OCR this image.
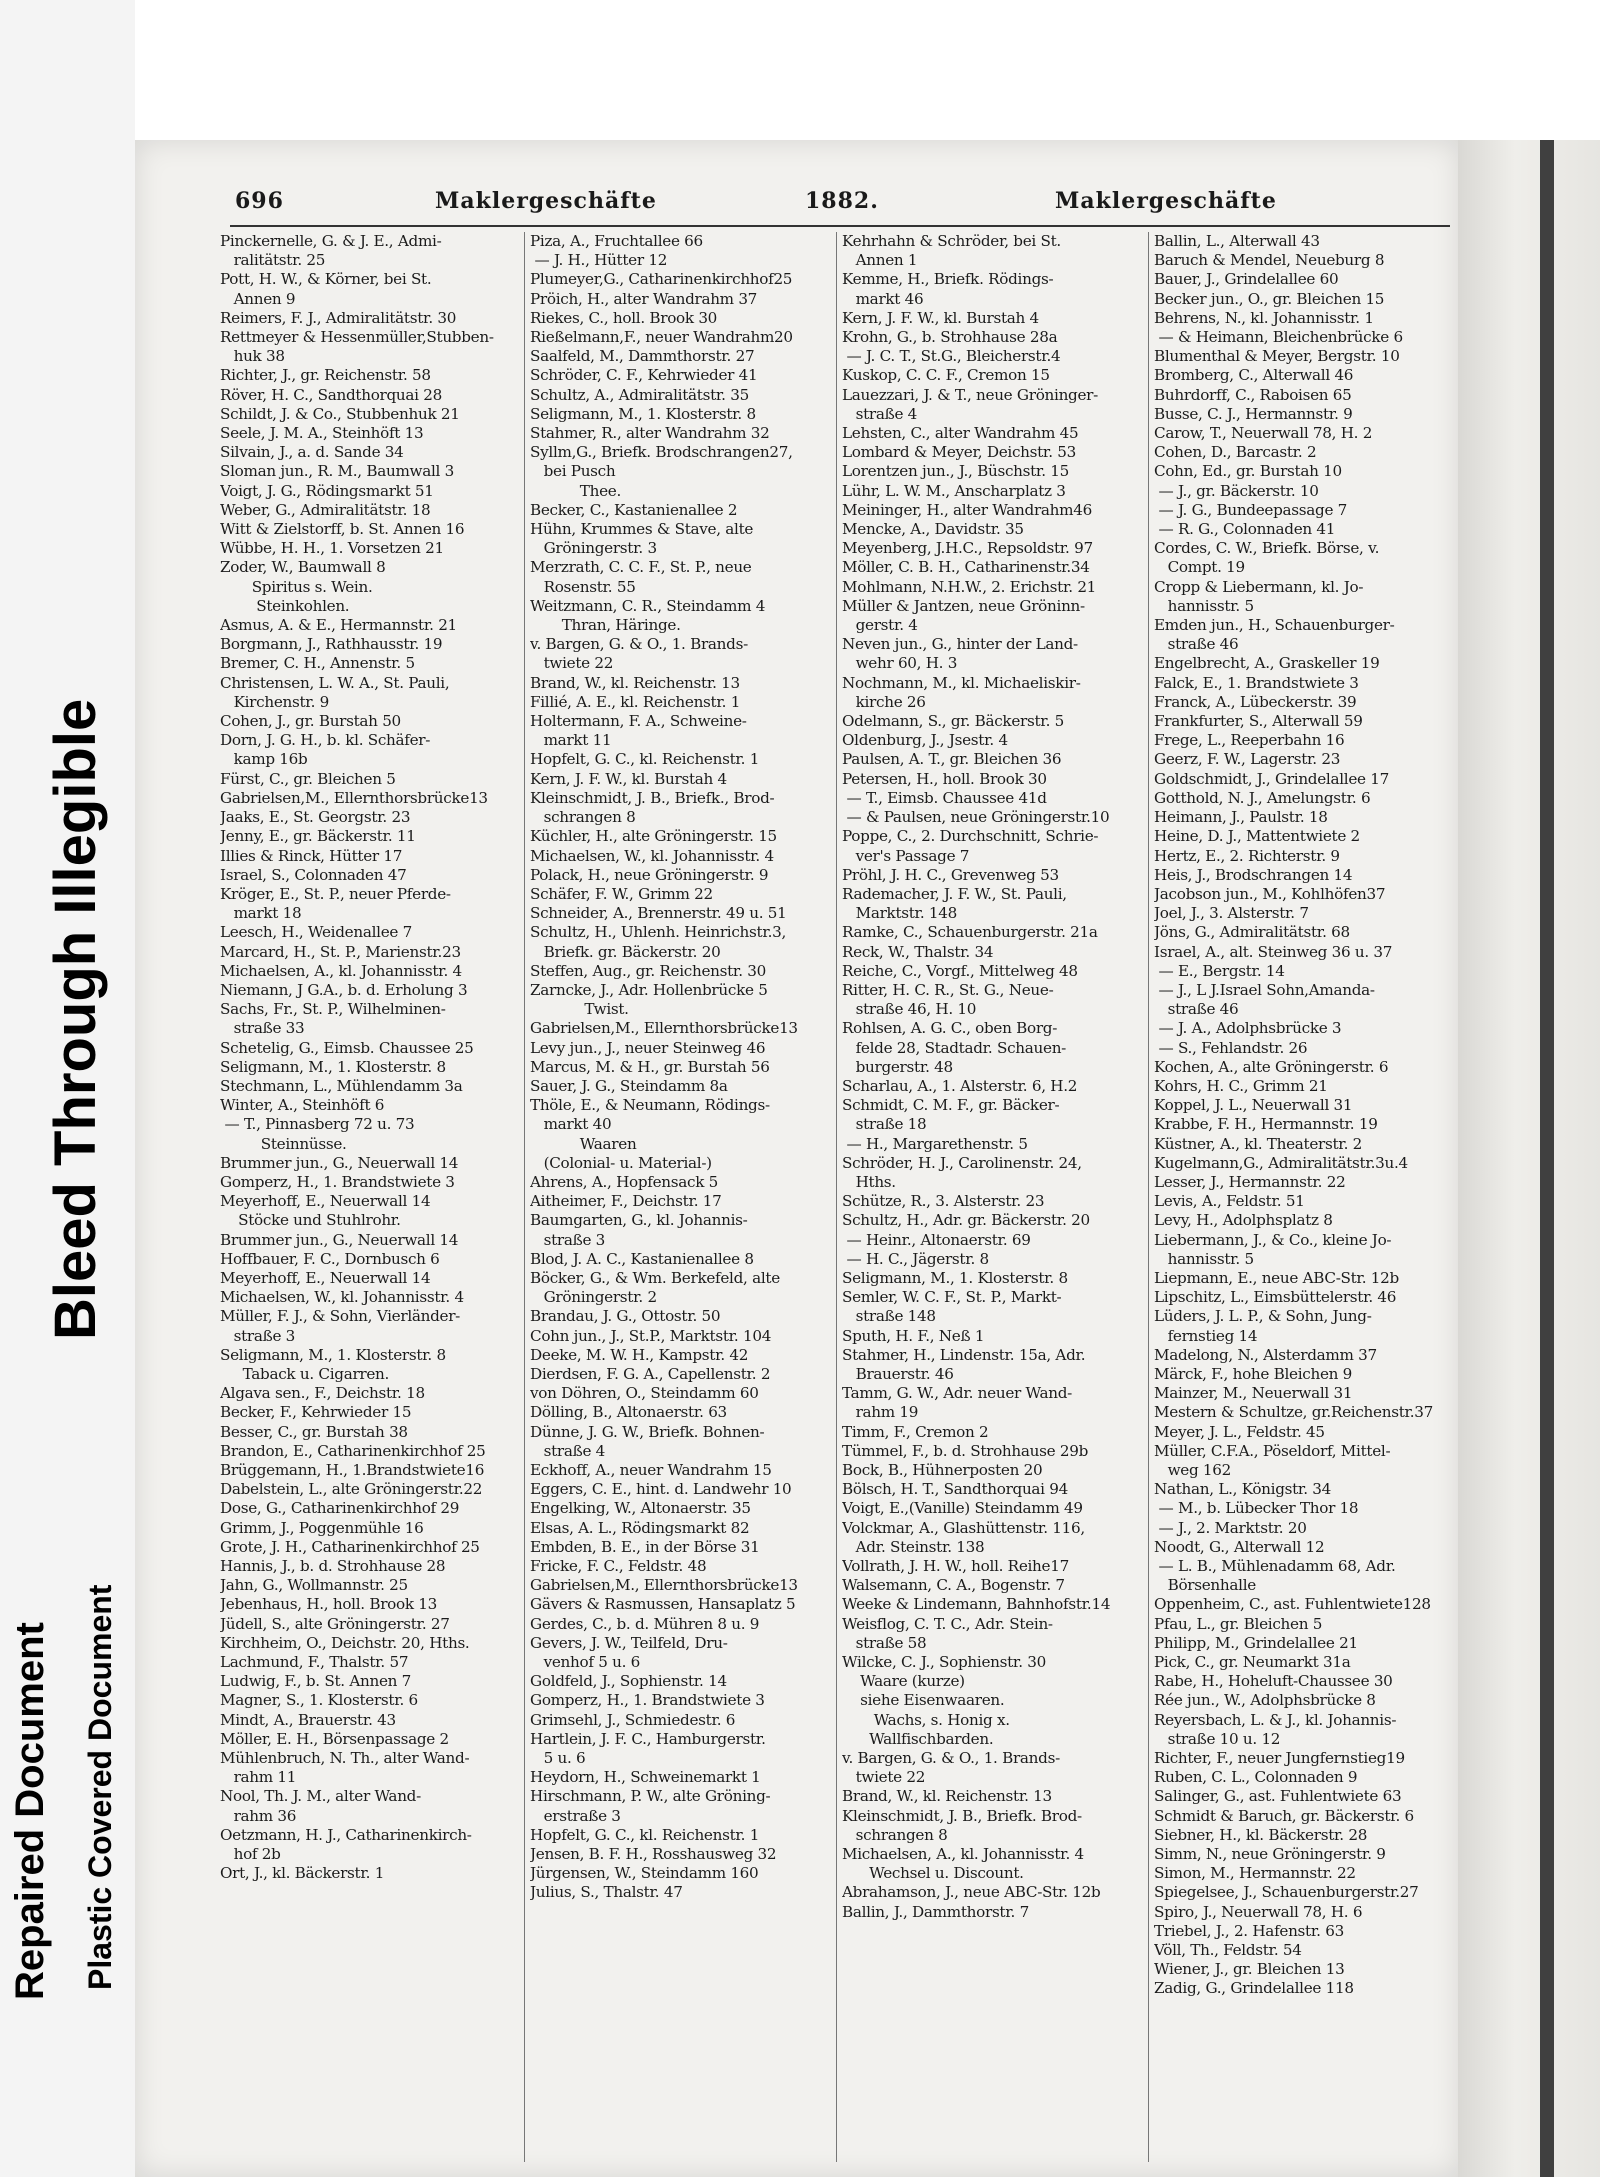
Bleed Through Illegible
Repaired Document Plastic Covered Document
696	Maklergeschäfte	1882.	Maklergeschäfte
Pinckernelle, G. & J. E., Admi-
ralitätstr. 25
Pott, H. W., & Körner, bei St.
Annen 9
Reimers, F. J., Admiralitätstr. 30
Rettmeyer & Hessenmüller,Stubben-
huk 38
Richter, J., gr. Reichenstr. 58
Röver, H. C., Sandthorquai 28
Schildt, J. & Co., Stubbenhuk 21
Seele, J. M. A., Steinhöft 13
Silvain, J., a. d. Sande 34
Sloman jun., R. M., Baumwall 3
Voigt, J. G., Rödingsmarkt 51
Weber, G., Admiralitätstr. 18
Witt & Zielstorff, b. St. Annen 16
Wübbe, H. H., 1. Vorsetzen 21
Zoder, W., Baumwall 8
Spiritus s. Wein.
Steinkohlen.
Asmus, A. & E., Hermannstr. 21
Borgmann, J., Rathhausstr. 19
Bremer, C. H., Annenstr. 5
Christensen, L. W. A., St. Pauli,
Kirchenstr. 9
Cohen, J., gr. Burstah 50
Dorn, J. G. H., b. kl. Schäfer-
kamp 16b
Fürst, C., gr. Bleichen 5
Gabrielsen,M., Ellernthorsbrücke13
Jaaks, E., St. Georgstr. 23
Jenny, E., gr. Bäckerstr. 11
Illies & Rinck, Hütter 17
Israel, S., Colonnaden 47
Kröger, E., St. P., neuer Pferde-
markt 18
Leesch, H., Weidenallee 7
Marcard, H., St. P., Marienstr.23
Michaelsen, A., kl. Johannisstr. 4
Niemann, J G.A., b. d. Erholung 3
Sachs, Fr., St. P., Wilhelminen-
straße 33
Schetelig, G., Eimsb. Chaussee 25
Seligmann, M., 1. Klosterstr. 8
Stechmann, L., Mühlendamm 3a
Winter, A., Steinhöft 6
— T., Pinnasberg 72 u. 73
Steinnüsse.
Brummer jun., G., Neuerwall 14
Gomperz, H., 1. Brandstwiete 3
Meyerhoff, E., Neuerwall 14
Stöcke und Stuhlrohr.
Brummer jun., G., Neuerwall 14
Hoffbauer, F. C., Dornbusch 6
Meyerhoff, E., Neuerwall 14
Michaelsen, W., kl. Johannisstr. 4
Müller, F. J., & Sohn, Vierländer-
straße 3
Seligmann, M., 1. Klosterstr. 8
Taback u. Cigarren.
Algava sen., F., Deichstr. 18
Becker, F., Kehrwieder 15
Besser, C., gr. Burstah 38
Brandon, E., Catharinenkirchhof 25
Brüggemann, H., 1.Brandstwiete16
Dabelstein, L., alte Gröningerstr.22
Dose, G., Catharinenkirchhof 29
Grimm, J., Poggenmühle 16
Grote, J. H., Catharinenkirchhof 25
Hannis, J., b. d. Strohhause 28
Jahn, G., Wollmannstr. 25
Jebenhaus, H., holl. Brook 13
Jüdell, S., alte Gröningerstr. 27
Kirchheim, O., Deichstr. 20, Hths.
Lachmund, F., Thalstr. 57
Ludwig, F., b. St. Annen 7
Magner, S., 1. Klosterstr. 6
Mindt, A., Brauerstr. 43
Möller, E. H., Börsenpassage 2
Mühlenbruch, N. Th., alter Wand-
rahm 11
Nool, Th. J. M., alter Wand-
rahm 36
Oetzmann, H. J., Catharinenkirch-
hof 2b
Ort, J., kl. Bäckerstr. 1
Piza, A., Fruchtallee 66
— J. H., Hütter 12
Plumeyer,G., Catharinenkirchhof25
Pröich, H., alter Wandrahm 37
Riekes, C., holl. Brook 30
Rießelmann,F., neuer Wandrahm20
Saalfeld, M., Dammthorstr. 27
Schröder, C. F., Kehrwieder 41
Schultz, A., Admiralitätstr. 35
Seligmann, M., 1. Klosterstr. 8
Stahmer, R., alter Wandrahm 32
Syllm,G., Briefk. Brodschrangen27,
bei Pusch
Thee.
Becker, C., Kastanienallee 2
Hühn, Krummes & Stave, alte
Gröningerstr. 3
Merzrath, C. C. F., St. P., neue
Rosenstr. 55
Weitzmann, C. R., Steindamm 4
Thran, Häringe.
v. Bargen, G. & O., 1. Brands-
twiete 22
Brand, W., kl. Reichenstr. 13
Fillié, A. E., kl. Reichenstr. 1
Holtermann, F. A., Schweine-
markt 11
Hopfelt, G. C., kl. Reichenstr. 1
Kern, J. F. W., kl. Burstah 4
Kleinschmidt, J. B., Briefk., Brod-
schrangen 8
Küchler, H., alte Gröningerstr. 15
Michaelsen, W., kl. Johannisstr. 4
Polack, H., neue Gröningerstr. 9
Schäfer, F. W., Grimm 22
Schneider, A., Brennerstr. 49 u. 51
Schultz, H., Uhlenh. Heinrichstr.3,
Briefk. gr. Bäckerstr. 20
Steffen, Aug., gr. Reichenstr. 30
Zarncke, J., Adr. Hollenbrücke 5
Twist.
Gabrielsen,M., Ellernthorsbrücke13
Levy jun., J., neuer Steinweg 46
Marcus, M. & H., gr. Burstah 56
Sauer, J. G., Steindamm 8a
Thöle, E., & Neumann, Rödings-
markt 40
Waaren
(Colonial- u. Material-)
Ahrens, A., Hopfensack 5
Aitheimer, F., Deichstr. 17
Baumgarten, G., kl. Johannis-
straße 3
Blod, J. A. C., Kastanienallee 8
Böcker, G., & Wm. Berkefeld, alte
Gröningerstr. 2
Brandau, J. G., Ottostr. 50
Cohn jun., J., St.P., Marktstr. 104
Deeke, M. W. H., Kampstr. 42
Dierdsen, F. G. A., Capellenstr. 2
von Döhren, O., Steindamm 60
Dölling, B., Altonaerstr. 63
Dünne, J. G. W., Briefk. Bohnen-
straße 4
Eckhoff, A., neuer Wandrahm 15
Eggers, C. E., hint. d. Landwehr 10
Engelking, W., Altonaerstr. 35
Elsas, A. L., Rödingsmarkt 82
Embden, B. E., in der Börse 31
Fricke, F. C., Feldstr. 48
Gabrielsen,M., Ellernthorsbrücke13
Gävers & Rasmussen, Hansaplatz 5
Gerdes, C., b. d. Mühren 8 u. 9
Gevers, J. W., Teilfeld, Dru-
venhof 5 u. 6
Goldfeld, J., Sophienstr. 14
Gomperz, H., 1. Brandstwiete 3
Grimsehl, J., Schmiedestr. 6
Hartlein, J. F. C., Hamburgerstr.
5 u. 6
Heydorn, H., Schweinemarkt 1
Hirschmann, P. W., alte Gröning-
erstraße 3
Hopfelt, G. C., kl. Reichenstr. 1
Jensen, B. F. H., Rosshausweg 32
Jürgensen, W., Steindamm 160
Julius, S., Thalstr. 47
Kehrhahn & Schröder, bei St.
Annen 1
Kemme, H., Briefk. Rödings-
markt 46
Kern, J. F. W., kl. Burstah 4
Krohn, G., b. Strohhause 28a
— J. C. T., St.G., Bleicherstr.4
Kuskop, C. C. F., Cremon 15
Lauezzari, J. & T., neue Gröninger-
straße 4
Lehsten, C., alter Wandrahm 45
Lombard & Meyer, Deichstr. 53
Lorentzen jun., J., Büschstr. 15
Lühr, L. W. M., Anscharplatz 3
Meininger, H., alter Wandrahm46
Mencke, A., Davidstr. 35
Meyenberg, J.H.C., Repsoldstr. 97
Möller, C. B. H., Catharinenstr.34
Mohlmann, N.H.W., 2. Erichstr. 21
Müller & Jantzen, neue Gröninn-
gerstr. 4
Neven jun., G., hinter der Land-
wehr 60, H. 3
Nochmann, M., kl. Michaeliskir-
kirche 26
Odelmann, S., gr. Bäckerstr. 5
Oldenburg, J., Jsestr. 4
Paulsen, A. T., gr. Bleichen 36
Petersen, H., holl. Brook 30
— T., Eimsb. Chaussee 41d
— & Paulsen, neue Gröningerstr.10
Poppe, C., 2. Durchschnitt, Schrie-
ver's Passage 7
Pröhl, J. H. C., Grevenweg 53
Rademacher, J. F. W., St. Pauli,
Marktstr. 148
Ramke, C., Schauenburgerstr. 21a
Reck, W., Thalstr. 34
Reiche, C., Vorgf., Mittelweg 48
Ritter, H. C. R., St. G., Neue-
straße 46, H. 10
Rohlsen, A. G. C., oben Borg-
felde 28, Stadtadr. Schauen-
burgerstr. 48
Scharlau, A., 1. Alsterstr. 6, H.2
Schmidt, C. M. F., gr. Bäcker-
straße 18
— H., Margarethenstr. 5
Schröder, H. J., Carolinenstr. 24,
Hths.
Schütze, R., 3. Alsterstr. 23
Schultz, H., Adr. gr. Bäckerstr. 20
— Heinr., Altonaerstr. 69
— H. C., Jägerstr. 8
Seligmann, M., 1. Klosterstr. 8
Semler, W. C. F., St. P., Markt-
straße 148
Sputh, H. F., Neß 1
Stahmer, H., Lindenstr. 15a, Adr.
Brauerstr. 46
Tamm, G. W., Adr. neuer Wand-
rahm 19
Timm, F., Cremon 2
Tümmel, F., b. d. Strohhause 29b
Bock, B., Hühnerposten 20
Bölsch, H. T., Sandthorquai 94
Voigt, E.,(Vanille) Steindamm 49
Volckmar, A., Glashüttenstr. 116,
Adr. Steinstr. 138
Vollrath, J. H. W., holl. Reihe17
Walsemann, C. A., Bogenstr. 7
Weeke & Lindemann, Bahnhofstr.14
Weisflog, C. T. C., Adr. Stein-
straße 58
Wilcke, C. J., Sophienstr. 30
Waare (kurze)
siehe Eisenwaaren.
Wachs, s. Honig x.
Wallfischbarden.
v. Bargen, G. & O., 1. Brands-
twiete 22
Brand, W., kl. Reichenstr. 13
Kleinschmidt, J. B., Briefk. Brod-
schrangen 8
Michaelsen, A., kl. Johannisstr. 4
Wechsel u. Discount.
Abrahamson, J., neue ABC-Str. 12b
Ballin, J., Dammthorstr. 7
Ballin, L., Alterwall 43
Baruch & Mendel, Neueburg 8
Bauer, J., Grindelallee 60
Becker jun., O., gr. Bleichen 15
Behrens, N., kl. Johannisstr. 1
— & Heimann, Bleichenbrücke 6
Blumenthal & Meyer, Bergstr. 10
Bromberg, C., Alterwall 46
Buhrdorff, C., Raboisen 65
Busse, C. J., Hermannstr. 9
Carow, T., Neuerwall 78, H. 2
Cohen, D., Barcastr. 2
Cohn, Ed., gr. Burstah 10
— J., gr. Bäckerstr. 10
— J. G., Bundeepassage 7
— R. G., Colonnaden 41
Cordes, C. W., Briefk. Börse, v.
Compt. 19
Cropp & Liebermann, kl. Jo-
hannisstr. 5
Emden jun., H., Schauenburger-
straße 46
Engelbrecht, A., Graskeller 19
Falck, E., 1. Brandstwiete 3
Franck, A., Lübeckerstr. 39
Frankfurter, S., Alterwall 59
Frege, L., Reeperbahn 16
Geerz, F. W., Lagerstr. 23
Goldschmidt, J., Grindelallee 17
Gotthold, N. J., Amelungstr. 6
Heimann, J., Paulstr. 18
Heine, D. J., Mattentwiete 2
Hertz, E., 2. Richterstr. 9
Heis, J., Brodschrangen 14
Jacobson jun., M., Kohlhöfen37
Joel, J., 3. Alsterstr. 7
Jöns, G., Admiralitätstr. 68
Israel, A., alt. Steinweg 36 u. 37
— E., Bergstr. 14
— J., L J.Israel Sohn,Amanda-
straße 46
— J. A., Adolphsbrücke 3
— S., Fehlandstr. 26
Kochen, A., alte Gröningerstr. 6
Kohrs, H. C., Grimm 21
Koppel, J. L., Neuerwall 31
Krabbe, F. H., Hermannstr. 19
Küstner, A., kl. Theaterstr. 2
Kugelmann,G., Admiralitätstr.3u.4
Lesser, J., Hermannstr. 22
Levis, A., Feldstr. 51
Levy, H., Adolphsplatz 8
Liebermann, J., & Co., kleine Jo-
hannisstr. 5
Liepmann, E., neue ABC-Str. 12b
Lipschitz, L., Eimsbüttelerstr. 46
Lüders, J. L. P., & Sohn, Jung-
fernstieg 14
Madelong, N., Alsterdamm 37
Märck, F., hohe Bleichen 9
Mainzer, M., Neuerwall 31
Mestern & Schultze, gr.Reichenstr.37
Meyer, J. L., Feldstr. 45
Müller, C.F.A., Pöseldorf, Mittel-
weg 162
Nathan, L., Königstr. 34
— M., b. Lübecker Thor 18
— J., 2. Marktstr. 20
Noodt, G., Alterwall 12
— L. B., Mühlenadamm 68, Adr.
Börsenhalle
Oppenheim, C., ast. Fuhlentwiete128
Pfau, L., gr. Bleichen 5
Philipp, M., Grindelallee 21
Pick, C., gr. Neumarkt 31a
Rabe, H., Hoheluft-Chaussee 30
Rée jun., W., Adolphsbrücke 8
Reyersbach, L. & J., kl. Johannis-
straße 10 u. 12
Richter, F., neuer Jungfernstieg19
Ruben, C. L., Colonnaden 9
Salinger, G., ast. Fuhlentwiete 63
Schmidt & Baruch, gr. Bäckerstr. 6
Siebner, H., kl. Bäckerstr. 28
Simm, N., neue Gröningerstr. 9
Simon, M., Hermannstr. 22
Spiegelsee, J., Schauenburgerstr.27
Spiro, J., Neuerwall 78, H. 6
Triebel, J., 2. Hafenstr. 63
Völl, Th., Feldstr. 54
Wiener, J., gr. Bleichen 13
Zadig, G., Grindelallee 118
